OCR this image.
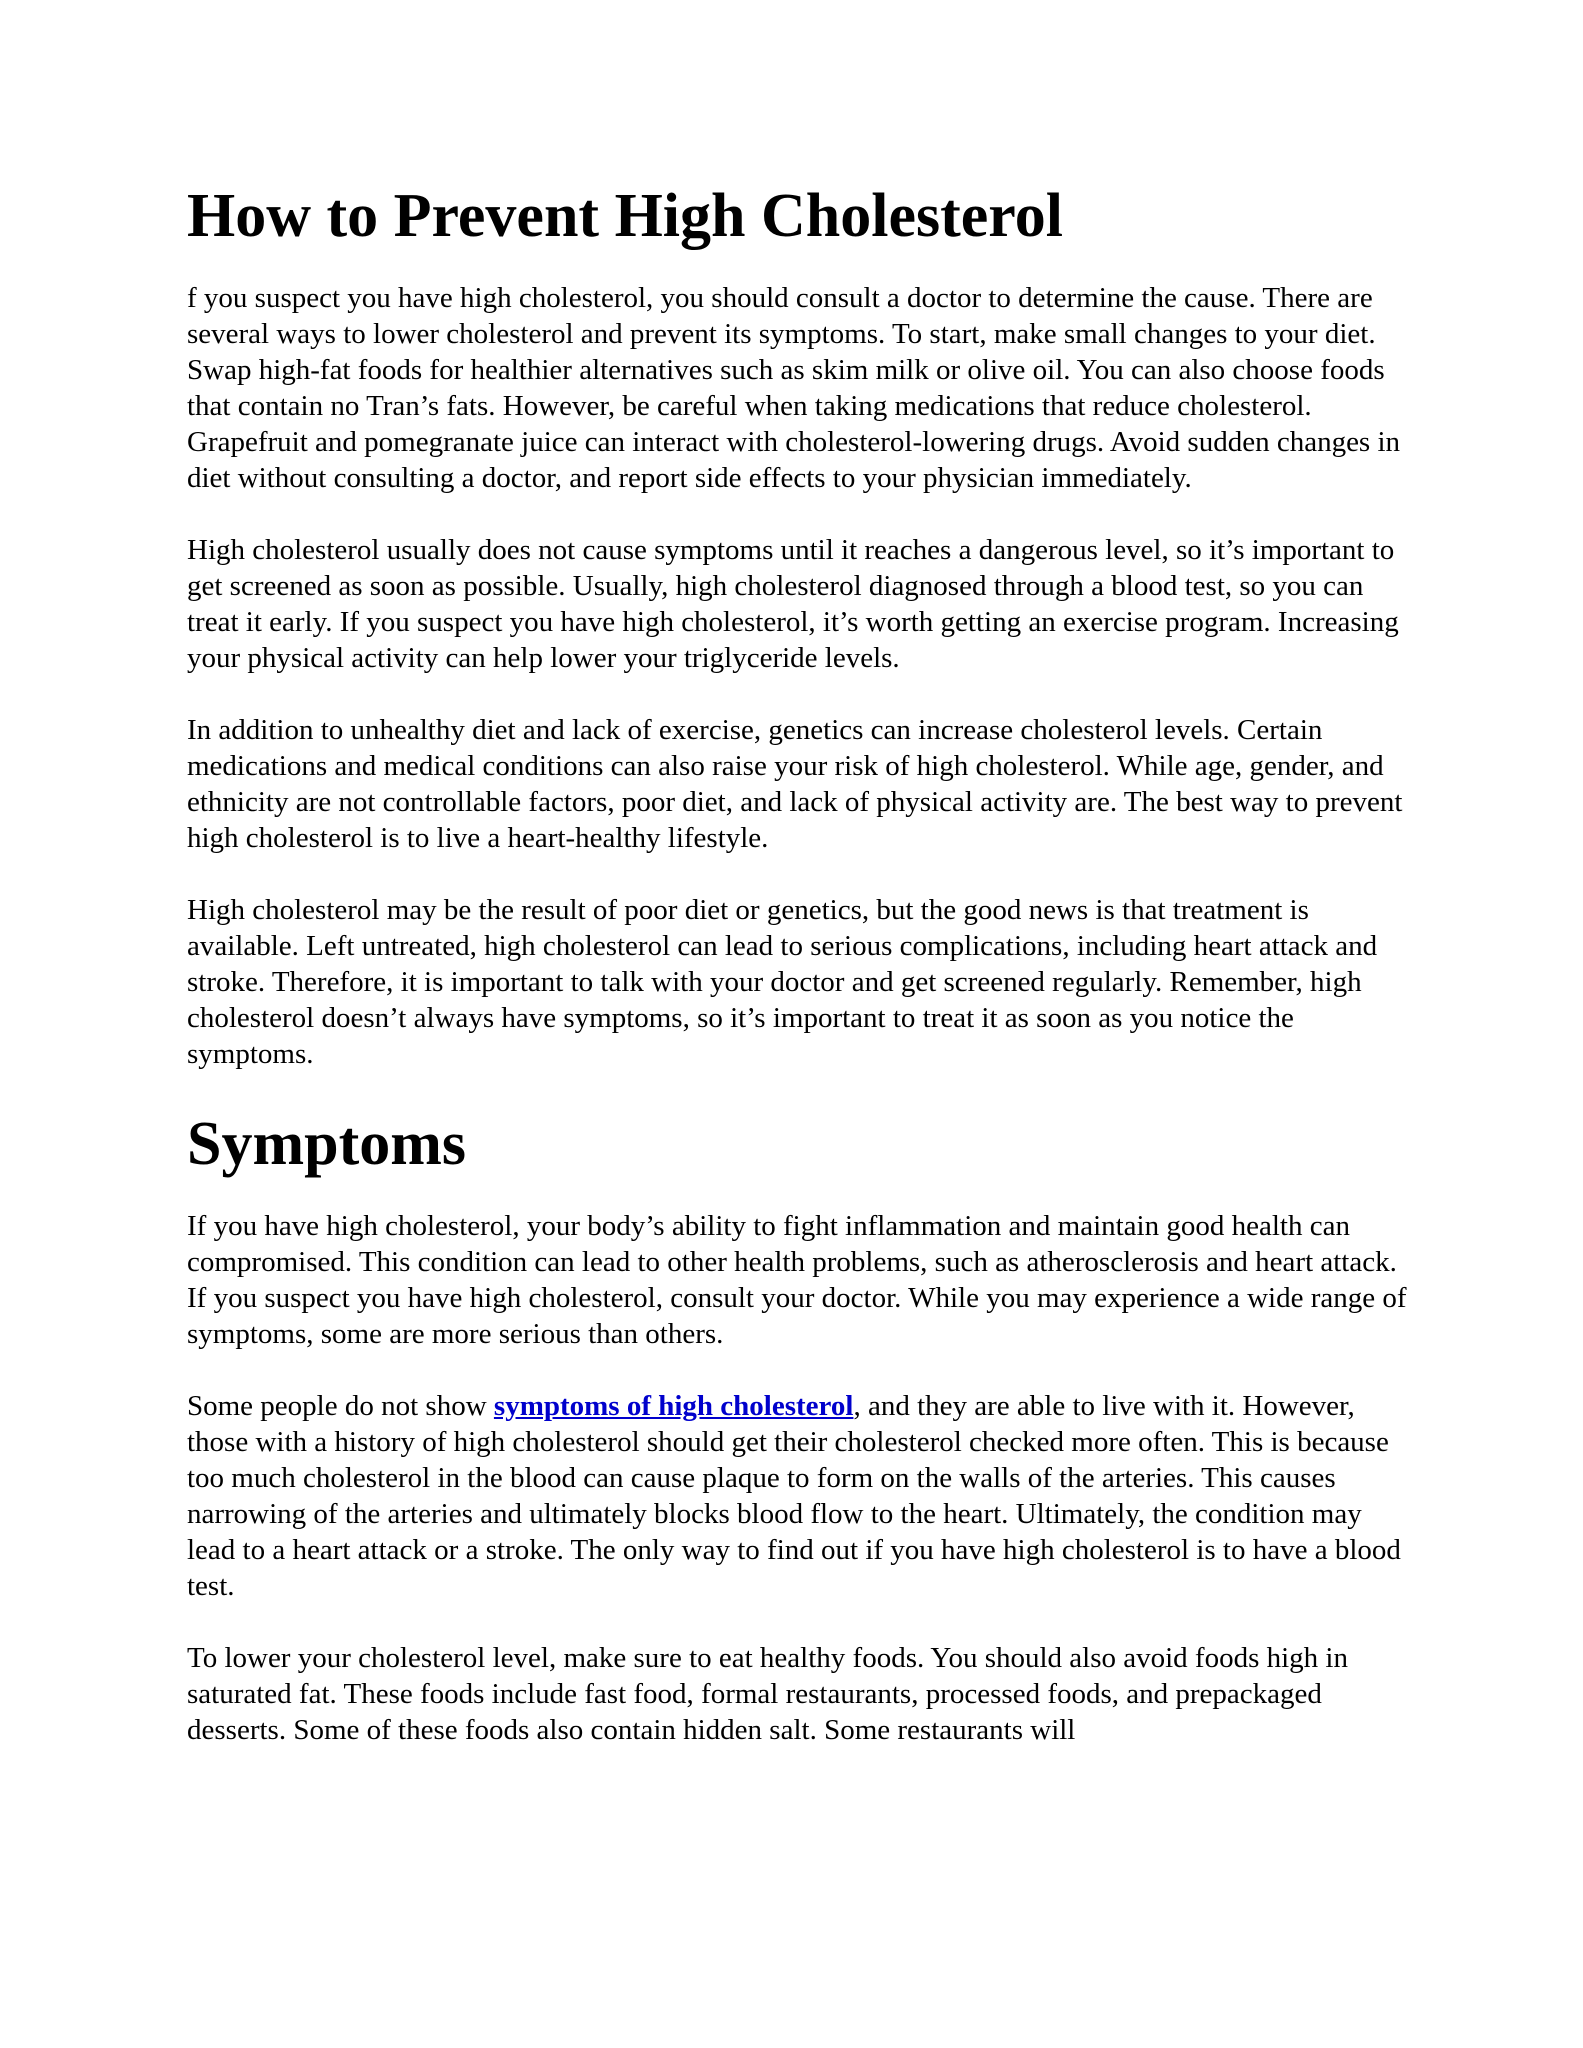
How to Prevent High Cholesterol

f you suspect you have high cholesterol, you should consult a doctor to determine the cause. There are several ways to lower cholesterol and prevent its symptoms. To start, make small changes to your diet. Swap high-fat foods for healthier alternatives such as skim milk or olive oil. You can also choose foods that contain no Tran’s fats. However, be careful when taking medications that reduce cholesterol. Grapefruit and pomegranate juice can interact with cholesterol-lowering drugs. Avoid sudden changes in diet without consulting a doctor, and report side effects to your physician immediately.

High cholesterol usually does not cause symptoms until it reaches a dangerous level, so it’s important to get screened as soon as possible. Usually, high cholesterol diagnosed through a blood test, so you can treat it early. If you suspect you have high cholesterol, it’s worth getting an exercise program. Increasing your physical activity can help lower your triglyceride levels.

In addition to unhealthy diet and lack of exercise, genetics can increase cholesterol levels. Certain medications and medical conditions can also raise your risk of high cholesterol. While age, gender, and ethnicity are not controllable factors, poor diet, and lack of physical activity are. The best way to prevent high cholesterol is to live a heart-healthy lifestyle.

High cholesterol may be the result of poor diet or genetics, but the good news is that treatment is available. Left untreated, high cholesterol can lead to serious complications, including heart attack and stroke. Therefore, it is important to talk with your doctor and get screened regularly. Remember, high cholesterol doesn’t always have symptoms, so it’s important to treat it as soon as you notice the symptoms.

Symptoms

If you have high cholesterol, your body’s ability to fight inflammation and maintain good health can compromised. This condition can lead to other health problems, such as atherosclerosis and heart attack. If you suspect you have high cholesterol, consult your doctor. While you may experience a wide range of symptoms, some are more serious than others.

Some people do not show symptoms of high cholesterol, and they are able to live with it. However, those with a history of high cholesterol should get their cholesterol checked more often. This is because too much cholesterol in the blood can cause plaque to form on the walls of the arteries. This causes narrowing of the arteries and ultimately blocks blood flow to the heart. Ultimately, the condition may lead to a heart attack or a stroke. The only way to find out if you have high cholesterol is to have a blood test.

To lower your cholesterol level, make sure to eat healthy foods. You should also avoid foods high in saturated fat. These foods include fast food, formal restaurants, processed foods, and prepackaged desserts. Some of these foods also contain hidden salt. Some restaurants will
